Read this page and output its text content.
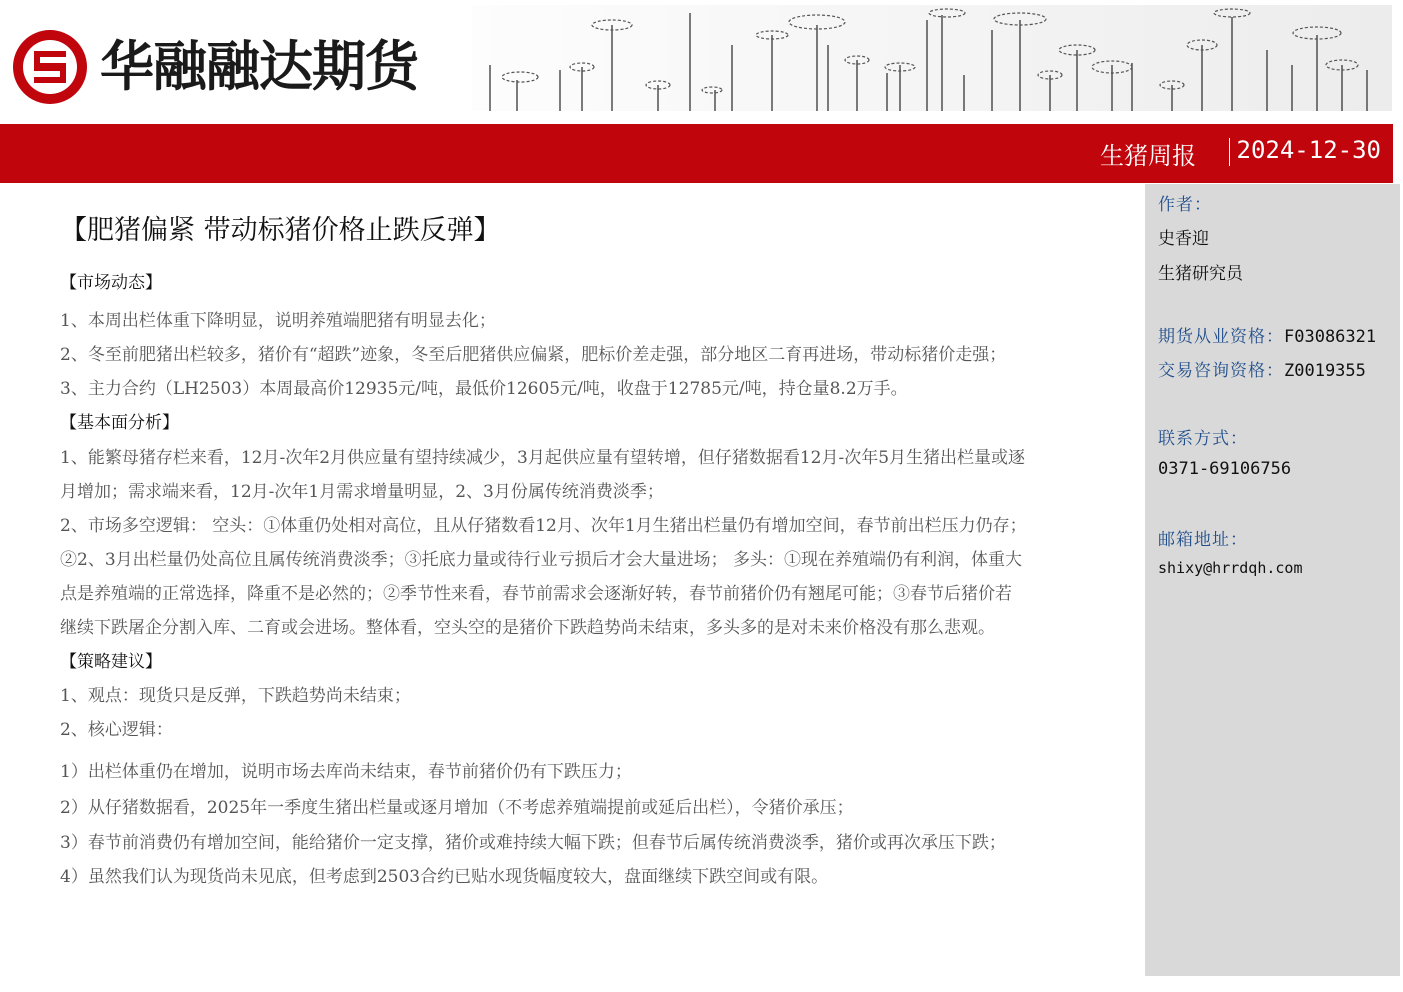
华融融达期货
生猪周报 2024-12-30
作者：
史香迎
生猪研究员
期货从业资格：F03086321
交易咨询资格：Z0019355
联系方式：
0371-69106756
邮箱地址：
shixy@hrrdqh.com
【肥猪偏紧 带动标猪价格止跌反弹】
【市场动态】
1、本周出栏体重下降明显，说明养殖端肥猪有明显去化；
2、冬至前肥猪出栏较多，猪价有“超跌”迹象，冬至后肥猪供应偏紧，肥标价差走强，部分地区二育再进场，带动标猪价走强；
3、主力合约（LH2503）本周最高价12935元/吨，最低价12605元/吨，收盘于12785元/吨，持仓量8.2万手。
【基本面分析】
1、能繁母猪存栏来看，12月-次年2月供应量有望持续减少，3月起供应量有望转增，但仔猪数据看12月-次年5月生猪出栏量或逐
月增加；需求端来看，12月-次年1月需求增量明显，2、3月份属传统消费淡季；
2、市场多空逻辑： 空头：①体重仍处相对高位，且从仔猪数看12月、次年1月生猪出栏量仍有增加空间，春节前出栏压力仍存；
②2、3月出栏量仍处高位且属传统消费淡季；③托底力量或待行业亏损后才会大量进场； 多头：①现在养殖端仍有利润，体重大
点是养殖端的正常选择，降重不是必然的；②季节性来看，春节前需求会逐渐好转，春节前猪价仍有翘尾可能；③春节后猪价若
继续下跌屠企分割入库、二育或会进场。整体看，空头空的是猪价下跌趋势尚未结束，多头多的是对未来价格没有那么悲观。
【策略建议】
1、观点：现货只是反弹，下跌趋势尚未结束；
2、核心逻辑：
1）出栏体重仍在增加，说明市场去库尚未结束，春节前猪价仍有下跌压力；
2）从仔猪数据看，2025年一季度生猪出栏量或逐月增加（不考虑养殖端提前或延后出栏），令猪价承压；
3）春节前消费仍有增加空间，能给猪价一定支撑，猪价或难持续大幅下跌；但春节后属传统消费淡季，猪价或再次承压下跌；
4）虽然我们认为现货尚未见底，但考虑到2503合约已贴水现货幅度较大，盘面继续下跌空间或有限。
